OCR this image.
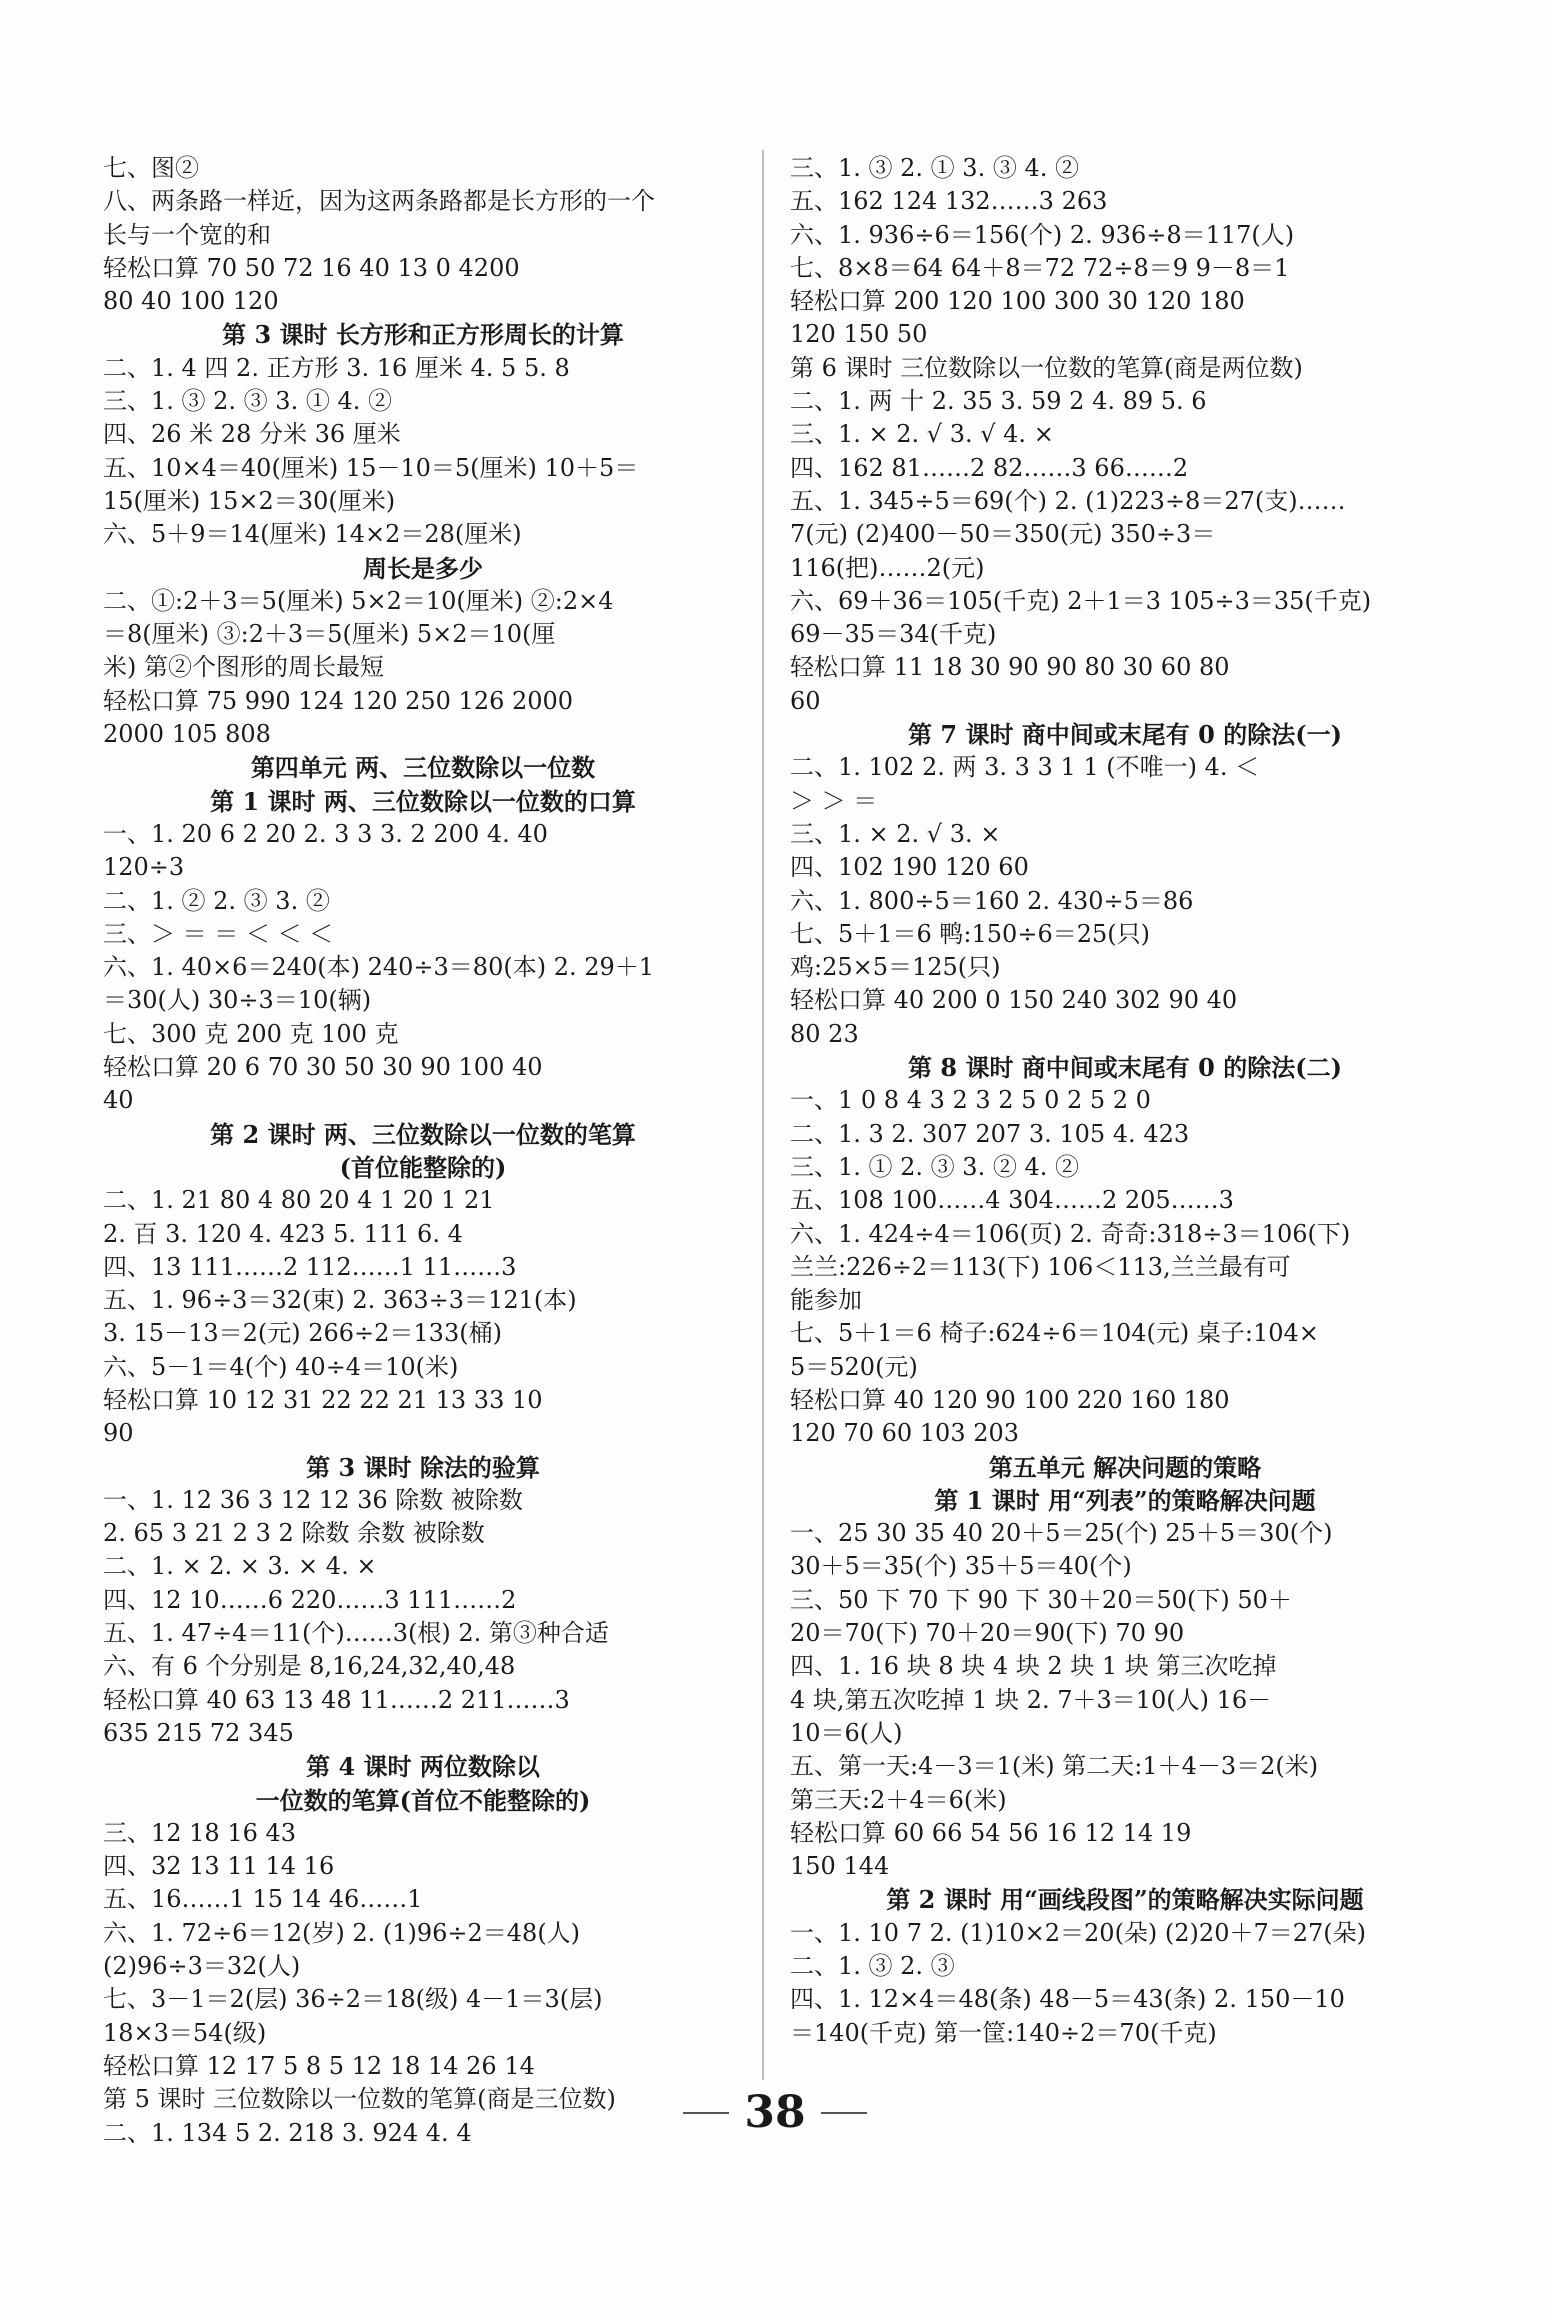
七、图②
八、两条路一样近，因为这两条路都是长方形的一个
长与一个宽的和
轻松口算 70 50 72 16 40 13 0 4200
80 40 100 120
第 3 课时 长方形和正方形周长的计算
二、1. 4 四 2. 正方形 3. 16 厘米 4. 5 5. 8
三、1. ③ 2. ③ 3. ① 4. ②
四、26 米 28 分米 36 厘米
五、10×4＝40(厘米) 15－10＝5(厘米) 10＋5＝
15(厘米) 15×2＝30(厘米)
六、5＋9＝14(厘米) 14×2＝28(厘米)
周长是多少
二、①:2＋3＝5(厘米) 5×2＝10(厘米) ②:2×4
＝8(厘米) ③:2＋3＝5(厘米) 5×2＝10(厘
米) 第②个图形的周长最短
轻松口算 75 990 124 120 250 126 2000
2000 105 808
第四单元 两、三位数除以一位数
第 1 课时 两、三位数除以一位数的口算
一、1. 20 6 2 20 2. 3 3 3. 2 200 4. 40
120÷3
二、1. ② 2. ③ 3. ②
三、＞ ＝ ＝ ＜ ＜ ＜
六、1. 40×6＝240(本) 240÷3＝80(本) 2. 29＋1
＝30(人) 30÷3＝10(辆)
七、300 克 200 克 100 克
轻松口算 20 6 70 30 50 30 90 100 40
40
第 2 课时 两、三位数除以一位数的笔算
(首位能整除的)
二、1. 21 80 4 80 20 4 1 20 1 21
2. 百 3. 120 4. 423 5. 111 6. 4
四、13 111……2 112……1 11……3
五、1. 96÷3＝32(束) 2. 363÷3＝121(本)
3. 15－13＝2(元) 266÷2＝133(桶)
六、5－1＝4(个) 40÷4＝10(米)
轻松口算 10 12 31 22 22 21 13 33 10
90
第 3 课时 除法的验算
一、1. 12 36 3 12 12 36 除数 被除数
2. 65 3 21 2 3 2 除数 余数 被除数
二、1. × 2. × 3. × 4. ×
四、12 10……6 220……3 111……2
五、1. 47÷4＝11(个)……3(根) 2. 第③种合适
六、有 6 个分别是 8,16,24,32,40,48
轻松口算 40 63 13 48 11……2 211……3
635 215 72 345
第 4 课时 两位数除以
一位数的笔算(首位不能整除的)
三、12 18 16 43
四、32 13 11 14 16
五、16……1 15 14 46……1
六、1. 72÷6＝12(岁) 2. (1)96÷2＝48(人)
(2)96÷3＝32(人)
七、3－1＝2(层) 36÷2＝18(级) 4－1＝3(层)
18×3＝54(级)
轻松口算 12 17 5 8 5 12 18 14 26 14
第 5 课时 三位数除以一位数的笔算(商是三位数)
二、1. 134 5 2. 218 3. 924 4. 4
三、1. ③ 2. ① 3. ③ 4. ②
五、162 124 132……3 263
六、1. 936÷6＝156(个) 2. 936÷8＝117(人)
七、8×8＝64 64＋8＝72 72÷8＝9 9－8＝1
轻松口算 200 120 100 300 30 120 180
120 150 50
第 6 课时 三位数除以一位数的笔算(商是两位数)
二、1. 两 十 2. 35 3. 59 2 4. 89 5. 6
三、1. × 2. √ 3. √ 4. ×
四、162 81……2 82……3 66……2
五、1. 345÷5＝69(个) 2. (1)223÷8＝27(支)……
7(元) (2)400－50＝350(元) 350÷3＝
116(把)……2(元)
六、69＋36＝105(千克) 2＋1＝3 105÷3＝35(千克)
69－35＝34(千克)
轻松口算 11 18 30 90 90 80 30 60 80
60
第 7 课时 商中间或末尾有 0 的除法(一)
二、1. 102 2. 两 3. 3 3 1 1 (不唯一) 4. ＜
＞ ＞ ＝
三、1. × 2. √ 3. ×
四、102 190 120 60
六、1. 800÷5＝160 2. 430÷5＝86
七、5＋1＝6 鸭:150÷6＝25(只)
鸡:25×5＝125(只)
轻松口算 40 200 0 150 240 302 90 40
80 23
第 8 课时 商中间或末尾有 0 的除法(二)
一、1 0 8 4 3 2 3 2 5 0 2 5 2 0
二、1. 3 2. 307 207 3. 105 4. 423
三、1. ① 2. ③ 3. ② 4. ②
五、108 100……4 304……2 205……3
六、1. 424÷4＝106(页) 2. 奇奇:318÷3＝106(下)
兰兰:226÷2＝113(下) 106＜113,兰兰最有可
能参加
七、5＋1＝6 椅子:624÷6＝104(元) 桌子:104×
5＝520(元)
轻松口算 40 120 90 100 220 160 180
120 70 60 103 203
第五单元 解决问题的策略
第 1 课时 用“列表”的策略解决问题
一、25 30 35 40 20＋5＝25(个) 25＋5＝30(个)
30＋5＝35(个) 35＋5＝40(个)
三、50 下 70 下 90 下 30＋20＝50(下) 50＋
20＝70(下) 70＋20＝90(下) 70 90
四、1. 16 块 8 块 4 块 2 块 1 块 第三次吃掉
4 块,第五次吃掉 1 块 2. 7＋3＝10(人) 16－
10＝6(人)
五、第一天:4－3＝1(米) 第二天:1＋4－3＝2(米)
第三天:2＋4＝6(米)
轻松口算 60 66 54 56 16 12 14 19
150 144
第 2 课时 用“画线段图”的策略解决实际问题
一、1. 10 7 2. (1)10×2＝20(朵) (2)20＋7＝27(朵)
二、1. ③ 2. ③
四、1. 12×4＝48(条) 48－5＝43(条) 2. 150－10
＝140(千克) 第一筐:140÷2＝70(千克)
38
